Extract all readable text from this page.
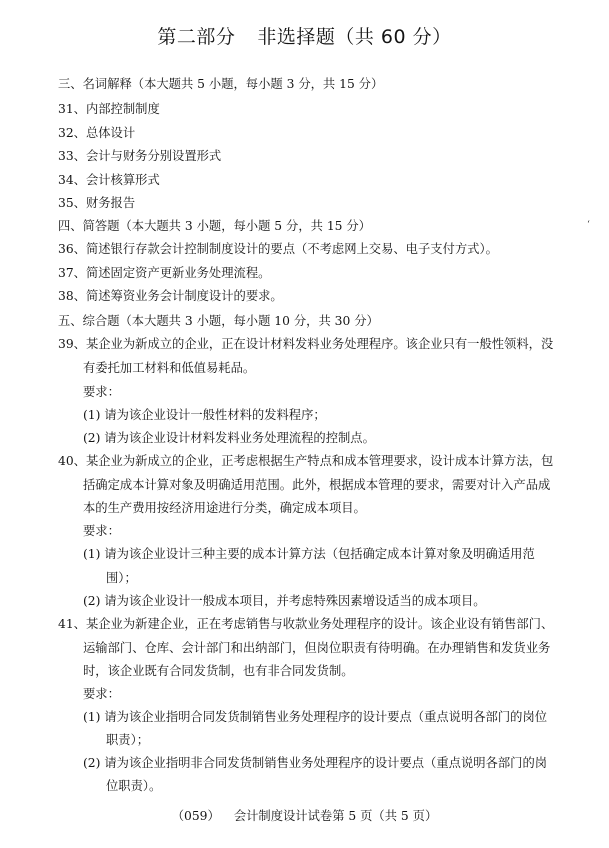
第二部分 非选择题（共 60 分）
三、名词解释（本大题共 5 小题，每小题 3 分，共 15 分）
31、内部控制制度
32、总体设计
33、会计与财务分别设置形式
34、会计核算形式
35、财务报告
四、简答题（本大题共 3 小题，每小题 5 分，共 15 分）	‘
36、简述银行存款会计控制制度设计的要点（不考虑网上交易、电子支付方式）。
37、简述固定资产更新业务处理流程。
38、简述筹资业务会计制度设计的要求。
五、综合题（本大题共 3 小题，每小题 10 分，共 30 分）
39、某企业为新成立的企业，正在设计材料发料业务处理程序。该企业只有一般性领料，没
有委托加工材料和低值易耗品。
要求：
(1) 请为该企业设计一般性材料的发料程序；
(2) 请为该企业设计材料发料业务处理流程的控制点。
40、某企业为新成立的企业，正考虑根据生产特点和成本管理要求，设计成本计算方法，包
括确定成本计算对象及明确适用范围。此外，根据成本管理的要求，需要对计入产品成
本的生产费用按经济用途进行分类，确定成本项目。
要求：
(1) 请为该企业设计三种主要的成本计算方法（包括确定成本计算对象及明确适用范
围）；
(2) 请为该企业设计一般成本项目，并考虑特殊因素增设适当的成本项目。
41、某企业为新建企业，正在考虑销售与收款业务处理程序的设计。该企业设有销售部门、
运输部门、仓库、会计部门和出纳部门，但岗位职责有待明确。在办理销售和发货业务
时，该企业既有合同发货制，也有非合同发货制。
要求：
(1) 请为该企业指明合同发货制销售业务处理程序的设计要点（重点说明各部门的岗位
职责）；
(2) 请为该企业指明非合同发货制销售业务处理程序的设计要点（重点说明各部门的岗
位职责）。
（059） 会计制度设计试卷第 5 页（共 5 页）
